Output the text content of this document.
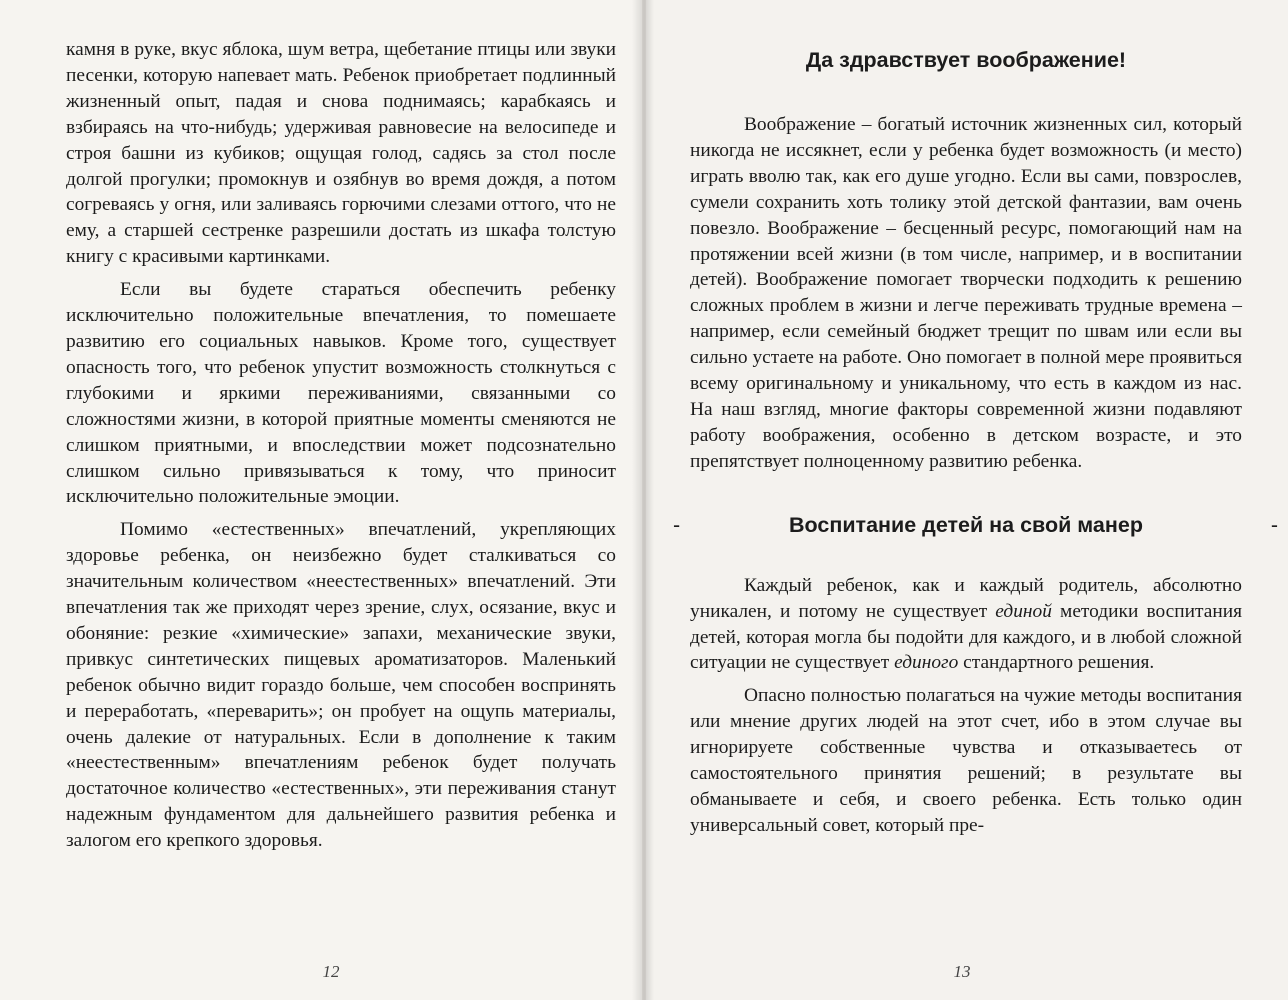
камня в руке, вкус яблока, шум ветра, щебетание птицы или звуки песенки, которую напевает мать. Ребенок приобретает подлинный жизненный опыт, падая и снова поднимаясь; карабкаясь и взбираясь на что-нибудь; удерживая равновесие на велосипеде и строя башни из кубиков; ощущая голод, садясь за стол после долгой прогулки; промокнув и озябнув во время дождя, а потом согреваясь у огня, или заливаясь горючими слезами оттого, что не ему, а старшей сестренке разрешили достать из шкафа толстую книгу с красивыми картинками.

Если вы будете стараться обеспечить ребенку исключительно положительные впечатления, то помешаете развитию его социальных навыков. Кроме того, существует опасность того, что ребенок упустит возможность столкнуться с глубокими и яркими переживаниями, связанными со сложностями жизни, в которой приятные моменты сменяются не слишком приятными, и впоследствии может подсознательно слишком сильно привязываться к тому, что приносит исключительно положительные эмоции.

Помимо «естественных» впечатлений, укрепляющих здоровье ребенка, он неизбежно будет сталкиваться со значительным количеством «неестественных» впечатлений. Эти впечатления так же приходят через зрение, слух, осязание, вкус и обоняние: резкие «химические» запахи, механические звуки, привкус синтетических пищевых ароматизаторов. Маленький ребенок обычно видит гораздо больше, чем способен воспринять и переработать, «переварить»; он пробует на ощупь материалы, очень далекие от натуральных. Если в дополнение к таким «неестественным» впечатлениям ребенок будет получать достаточное количество «естественных», эти переживания станут надежным фундаментом для дальнейшего развития ребенка и залогом его крепкого здоровья.

12
Да здравствует воображение!

Воображение – богатый источник жизненных сил, который никогда не иссякнет, если у ребенка будет возможность (и место) играть вволю так, как его душе угодно. Если вы сами, повзрослев, сумели сохранить хоть толику этой детской фантазии, вам очень повезло. Воображение – бесценный ресурс, помогающий нам на протяжении всей жизни (в том числе, например, и в воспитании детей). Воображение помогает творчески подходить к решению сложных проблем в жизни и легче переживать трудные времена – например, если семейный бюджет трещит по швам или если вы сильно устаете на работе. Оно помогает в полной мере проявиться всему оригинальному и уникальному, что есть в каждом из нас. На наш взгляд, многие факторы современной жизни подавляют работу воображения, особенно в детском возрасте, и это препятствует полноценному развитию ребенка.

-	Воспитание детей на свой манер	-

Каждый ребенок, как и каждый родитель, абсолютно уникален, и потому не существует единой методики воспитания детей, которая могла бы подойти для каждого, и в любой сложной ситуации не существует единого стандартного решения.

Опасно полностью полагаться на чужие методы воспитания или мнение других людей на этот счет, ибо в этом случае вы игнорируете собственные чувства и отказываетесь от самостоятельного принятия решений; в результате вы обманываете и себя, и своего ребенка. Есть только один универсальный совет, который пре-

13
